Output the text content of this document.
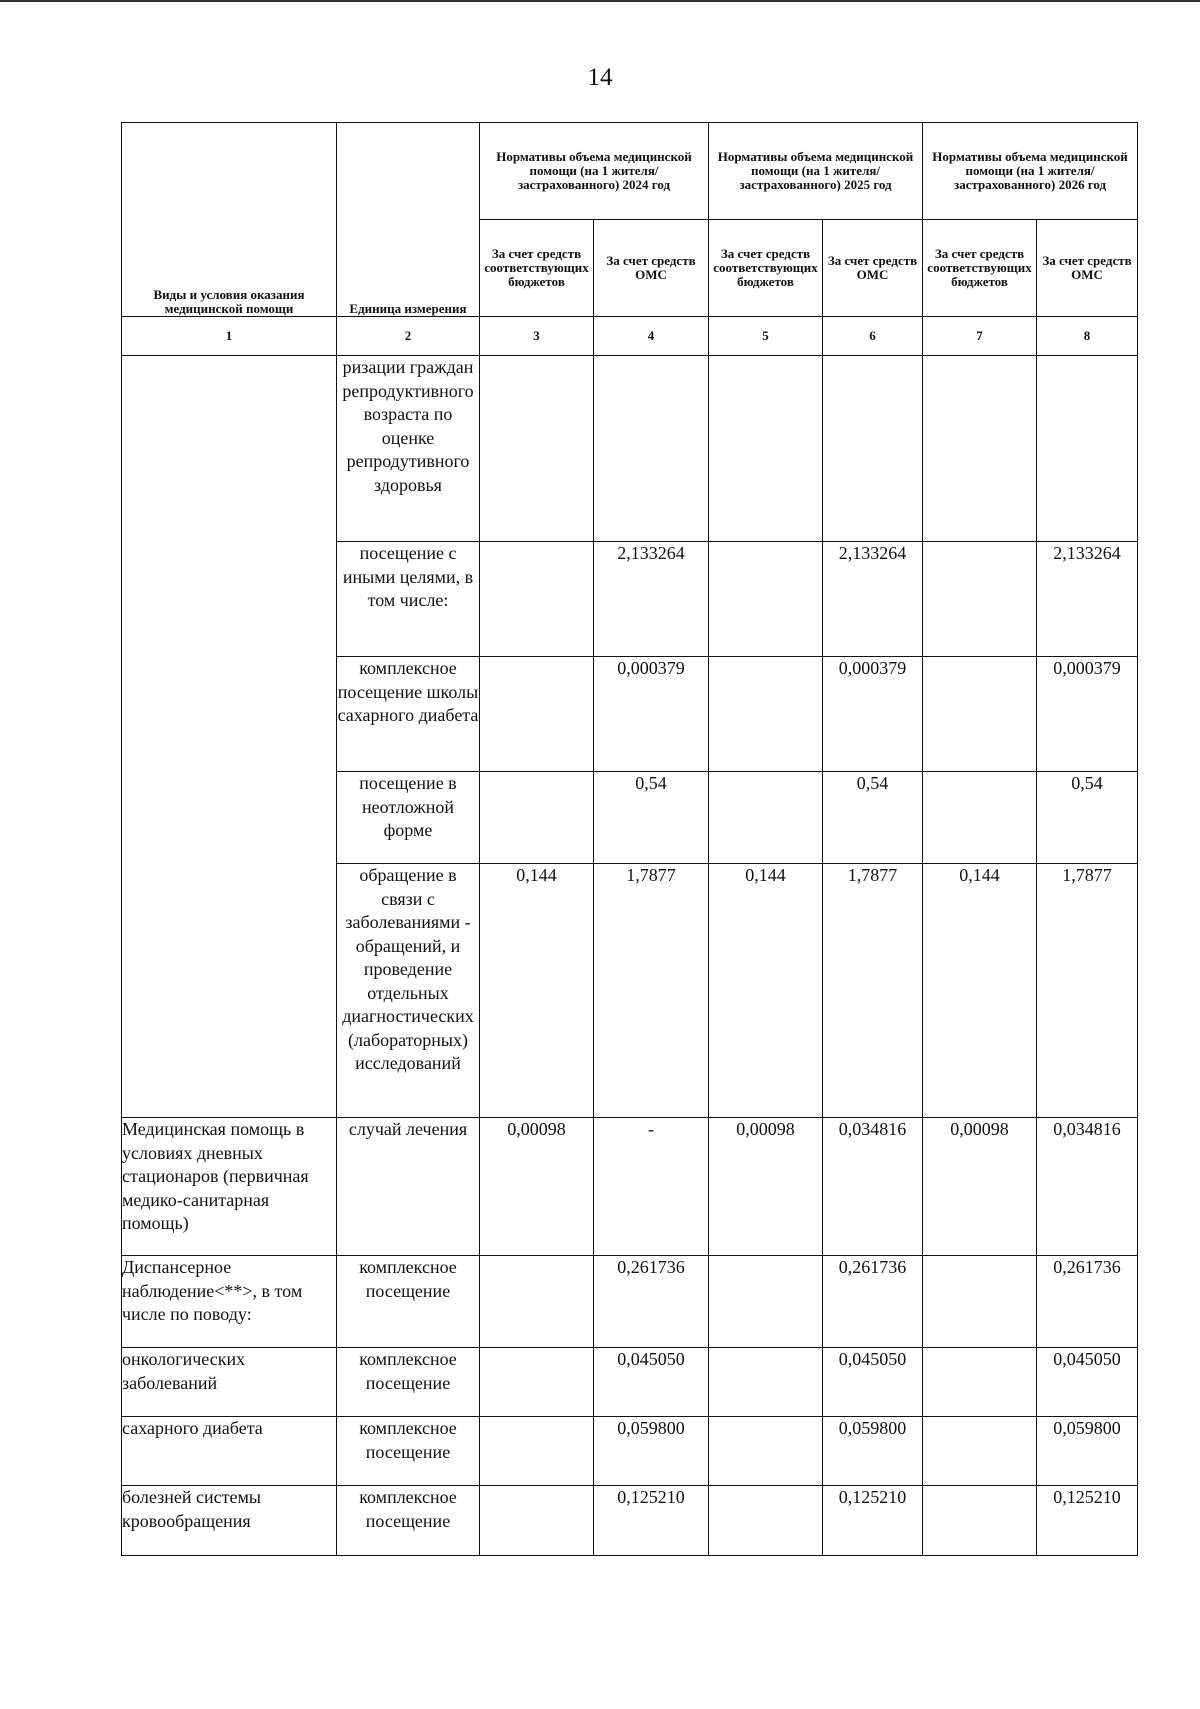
14
Виды и условия оказания медицинской помощи	Единица измерения	Нормативы объема медицинской помощи (на 1 жителя/застрахованного) 2024 год		Нормативы объема медицинской помощи (на 1 жителя/застрахованного) 2025 год		Нормативы объема медицинской помощи (на 1 жителя/застрахованного) 2026 год	
		За счет средств соответствующих бюджетов	За счет средств ОМС	За счет средств соответствующих бюджетов	За счет средств ОМС	За счет средств соответствующих бюджетов	За счет средств ОМС
1	2	3	4	5	6	7	8
	ризации граждан репродуктивного возраста по оценке репродутивного здоровья						
	посещение с иными целями, в том числе:		2,133264		2,133264		2,133264
	комплексное посещение школы сахарного диабета		0,000379		0,000379		0,000379
	посещение в неотложной форме		0,54		0,54		0,54
	обращение в связи с заболеваниями - обращений, и проведение отдельных диагностических (лабораторных) исследований	0,144	1,7877	0,144	1,7877	0,144	1,7877
Медицинская помощь в условиях дневных стационаров (первичная медико-санитарная помощь)	случай лечения	0,00098	-	0,00098	0,034816	0,00098	0,034816
Диспансерное наблюдение<**>, в том числе по поводу:	комплексное посещение		0,261736		0,261736		0,261736
онкологических заболеваний	комплексное посещение		0,045050		0,045050		0,045050
сахарного диабета	комплексное посещение		0,059800		0,059800		0,059800
болезней системы кровообращения	комплексное посещение		0,125210		0,125210		0,125210
